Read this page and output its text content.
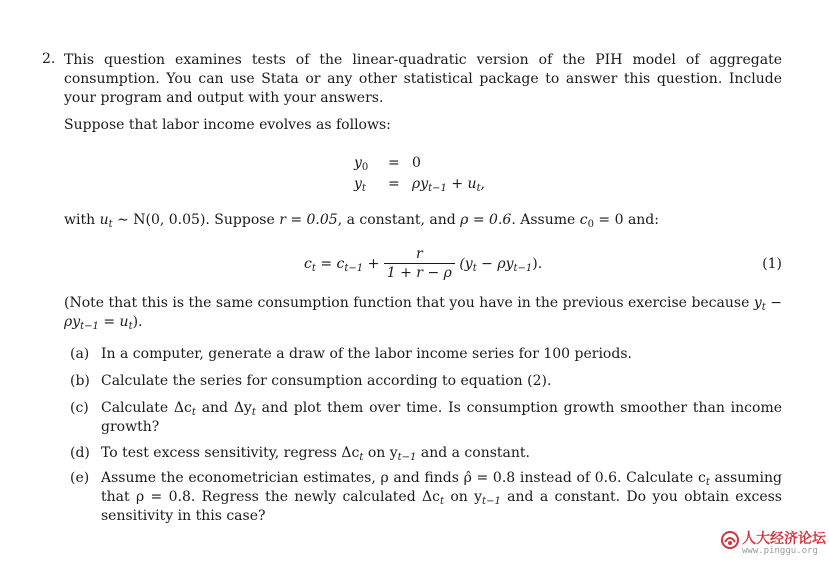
2. This question examines tests of the linear-quadratic version of the PIH model of aggregate consumption. You can use Stata or any other statistical package to answer this question. Include your program and output with your answers.
Suppose that labor income evolves as follows:
$y_0 = 0$
$y_t = \rho y_{t-1} + u_t$,
with $u_t$ ∼ N(0, 0.05). Suppose r = 0.05, a constant, and ρ = 0.6. Assume $c_0 = 0$ and:
$c_t = c_{t-1} + \frac{r}{1 + r - \rho} (y_t - \rho y_{t-1})$.	(1)
(Note that this is the same consumption function that you have in the previous exercise because $y_t - \rho y_{t-1} = u_t$).
(a) In a computer, generate a draw of the labor income series for 100 periods.
(b) Calculate the series for consumption according to equation (2).
(c) Calculate $\Delta c_t$ and $\Delta y_t$ and plot them over time. Is consumption growth smoother than income growth?
(d) To test excess sensitivity, regress $\Delta c_t$ on $y_{t-1}$ and a constant.
(e) Assume the econometrician estimates, ρ and finds ρ̂ = 0.8 instead of 0.6. Calculate $c_t$ assuming that ρ = 0.8. Regress the newly calculated $\Delta c_t$ on $y_{t-1}$ and a constant. Do you obtain excess sensitivity in this case?
人大经济论坛
www.pinggu.org
